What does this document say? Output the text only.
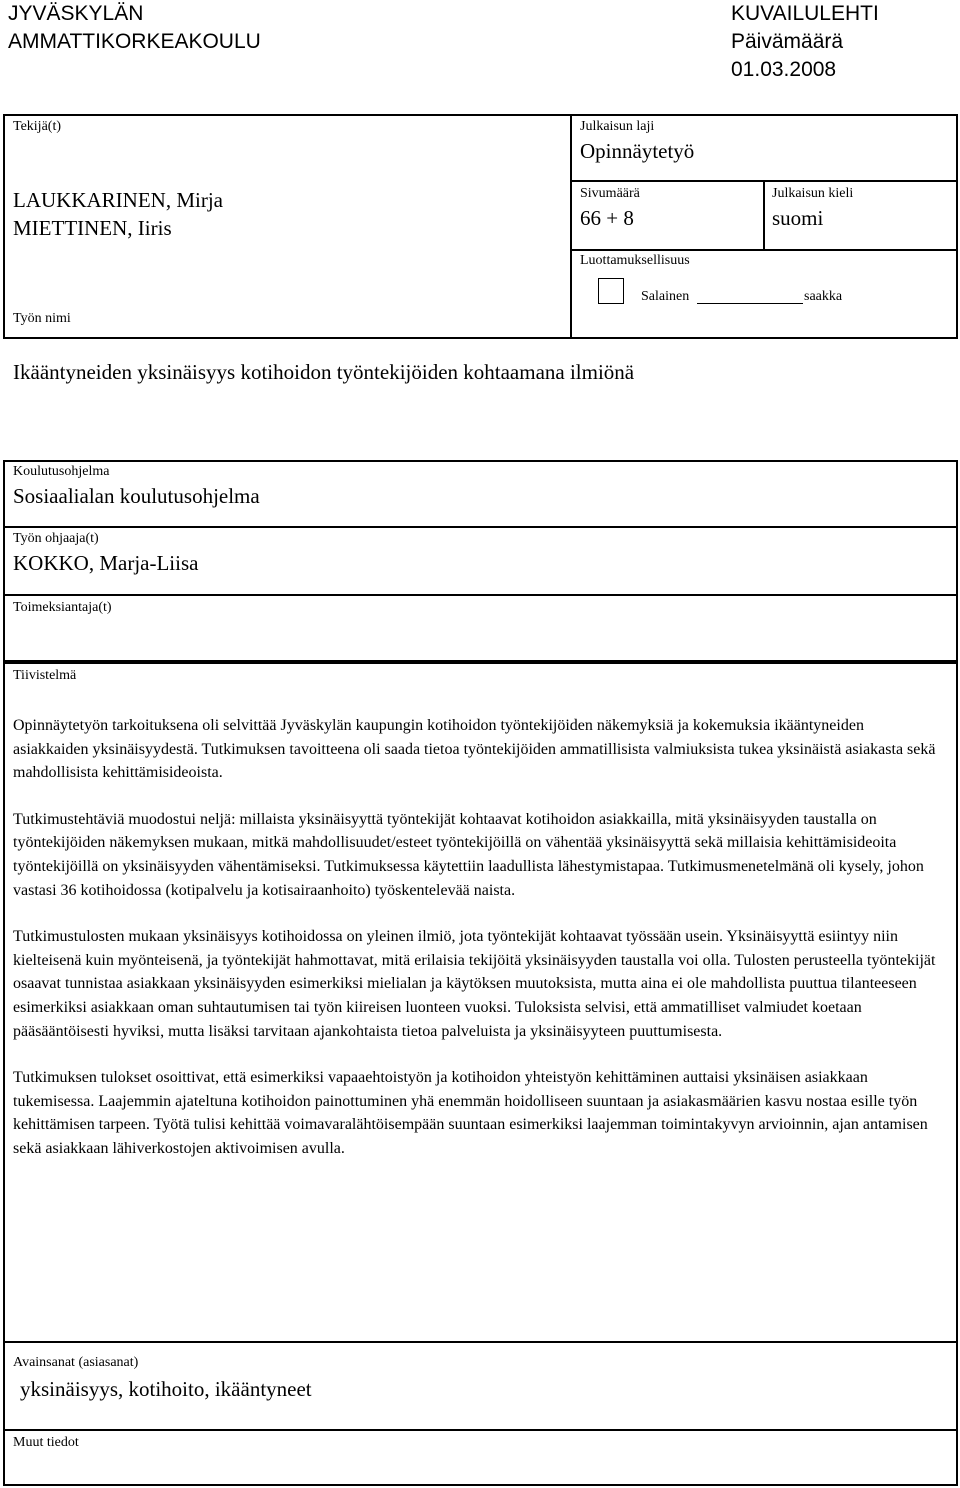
JYVÄSKYLÄN
AMMATTIKORKEAKOULU
KUVAILULEHTI
Päivämäärä
01.03.2008
Tekijä(t)
LAUKKARINEN, Mirja
MIETTINEN, Iiris
Työn nimi
Julkaisun laji
Opinnäytetyö
Sivumäärä
66 + 8
Julkaisun kieli
suomi
Luottamuksellisuus
Salainen	saakka
Ikääntyneiden yksinäisyys kotihoidon työntekijöiden kohtaamana ilmiönä
Koulutusohjelma
Sosiaalialan koulutusohjelma
Työn ohjaaja(t)
KOKKO, Marja-Liisa
Toimeksiantaja(t)
Tiivistelmä

Opinnäytetyön tarkoituksena oli selvittää Jyväskylän kaupungin kotihoidon työntekijöiden näkemyksiä ja kokemuksia ikääntyneiden asiakkaiden yksinäisyydestä. Tutkimuksen tavoitteena oli saada tietoa työntekijöiden ammatillisista valmiuksista tukea yksinäistä asiakasta sekä mahdollisista kehittämisideoista.

Tutkimustehtäviä muodostui neljä: millaista yksinäisyyttä työntekijät kohtaavat kotihoidon asiakkailla, mitä yksinäisyyden taustalla on työntekijöiden näkemyksen mukaan, mitkä mahdollisuudet/esteet työntekijöillä on vähentää yksinäisyyttä sekä millaisia kehittämisideoita työntekijöillä on yksinäisyyden vähentämiseksi. Tutkimuksessa käytettiin laadullista lähestymistapaa. Tutkimusmenetelmänä oli kysely, johon vastasi 36 kotihoidossa (kotipalvelu ja kotisairaanhoito) työskentelevää naista.

Tutkimustulosten mukaan yksinäisyys kotihoidossa on yleinen ilmiö, jota työntekijät kohtaavat työssään usein. Yksinäisyyttä esiintyy niin kielteisenä kuin myönteisenä, ja työntekijät hahmottavat, mitä erilaisia tekijöitä yksinäisyyden taustalla voi olla. Tulosten perusteella työntekijät osaavat tunnistaa asiakkaan yksinäisyyden esimerkiksi mielialan ja käytöksen muutoksista, mutta aina ei ole mahdollista puuttua tilanteeseen esimerkiksi asiakkaan oman suhtautumisen tai työn kiireisen luonteen vuoksi. Tuloksista selvisi, että ammatilliset valmiudet koetaan pääsääntöisesti hyviksi, mutta lisäksi tarvitaan ajankohtaista tietoa palveluista ja yksinäisyyteen puuttumisesta.

Tutkimuksen tulokset osoittivat, että esimerkiksi vapaaehtoistyön ja kotihoidon yhteistyön kehittäminen auttaisi yksinäisen asiakkaan tukemisessa. Laajemmin ajateltuna kotihoidon painottuminen yhä enemmän hoidolliseen suuntaan ja asiakasmäärien kasvu nostaa esille työn kehittämisen tarpeen. Työtä tulisi kehittää voimavaralähtöisempään suuntaan esimerkiksi laajemman toimintakyvyn arvioinnin, ajan antamisen sekä asiakkaan lähiverkostojen aktivoimisen avulla.

Avainsanat (asiasanat)
yksinäisyys, kotihoito, ikääntyneet
Muut tiedot
